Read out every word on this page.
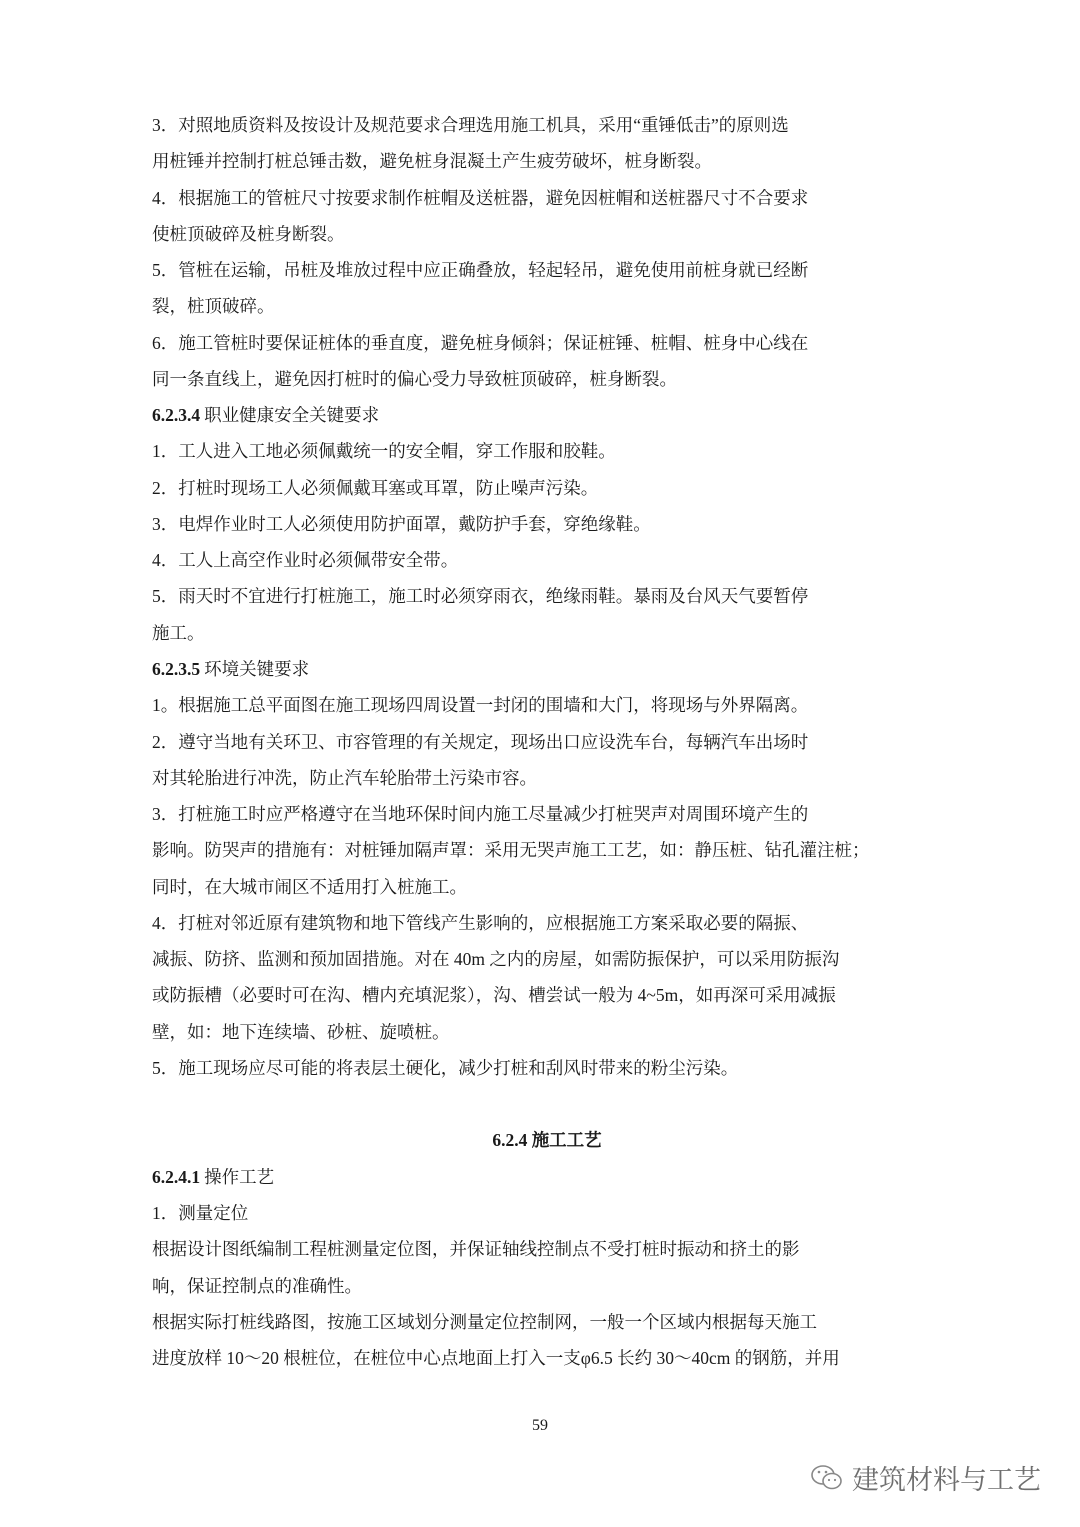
3．对照地质资料及按设计及规范要求合理选用施工机具，采用“重锤低击”的原则选
用桩锤并控制打桩总锤击数，避免桩身混凝土产生疲劳破坏，桩身断裂。
4．根据施工的管桩尺寸按要求制作桩帽及送桩器，避免因桩帽和送桩器尺寸不合要求
使桩顶破碎及桩身断裂。
5．管桩在运输，吊桩及堆放过程中应正确叠放，轻起轻吊，避免使用前桩身就已经断
裂，桩顶破碎。
6．施工管桩时要保证桩体的垂直度，避免桩身倾斜；保证桩锤、桩帽、桩身中心线在
同一条直线上，避免因打桩时的偏心受力导致桩顶破碎，桩身断裂。
6.2.3.4 职业健康安全关键要求
1．工人进入工地必须佩戴统一的安全帽，穿工作服和胶鞋。
2．打桩时现场工人必须佩戴耳塞或耳罩，防止噪声污染。
3．电焊作业时工人必须使用防护面罩，戴防护手套，穿绝缘鞋。
4．工人上高空作业时必须佩带安全带。
5．雨天时不宜进行打桩施工，施工时必须穿雨衣，绝缘雨鞋。暴雨及台风天气要暂停
施工。
6.2.3.5 环境关键要求
1。根据施工总平面图在施工现场四周设置一封闭的围墙和大门，将现场与外界隔离。
2．遵守当地有关环卫、市容管理的有关规定，现场出口应设洗车台，每辆汽车出场时
对其轮胎进行冲洗，防止汽车轮胎带土污染市容。
3．打桩施工时应严格遵守在当地环保时间内施工尽量减少打桩哭声对周围环境产生的
影响。防哭声的措施有：对桩锤加隔声罩：采用无哭声施工工艺，如：静压桩、钻孔灌注桩；
同时，在大城市闹区不适用打入桩施工。
4．打桩对邻近原有建筑物和地下管线产生影响的，应根据施工方案采取必要的隔振、
减振、防挤、监测和预加固措施。对在 40m 之内的房屋，如需防振保护，可以采用防振沟
或防振槽（必要时可在沟、槽内充填泥浆），沟、槽尝试一般为 4~5m，如再深可采用减振
壁，如：地下连续墙、砂桩、旋喷桩。
5．施工现场应尽可能的将表层土硬化，减少打桩和刮风时带来的粉尘污染。
6.2.4 施工工艺
6.2.4.1 操作工艺
1．测量定位
根据设计图纸编制工程桩测量定位图，并保证轴线控制点不受打桩时振动和挤土的影
响，保证控制点的准确性。
根据实际打桩线路图，按施工区域划分测量定位控制网，一般一个区域内根据每天施工
进度放样 10～20 根桩位，在桩位中心点地面上打入一支φ6.5 长约 30～40cm 的钢筋，并用
59
建筑材料与工艺
